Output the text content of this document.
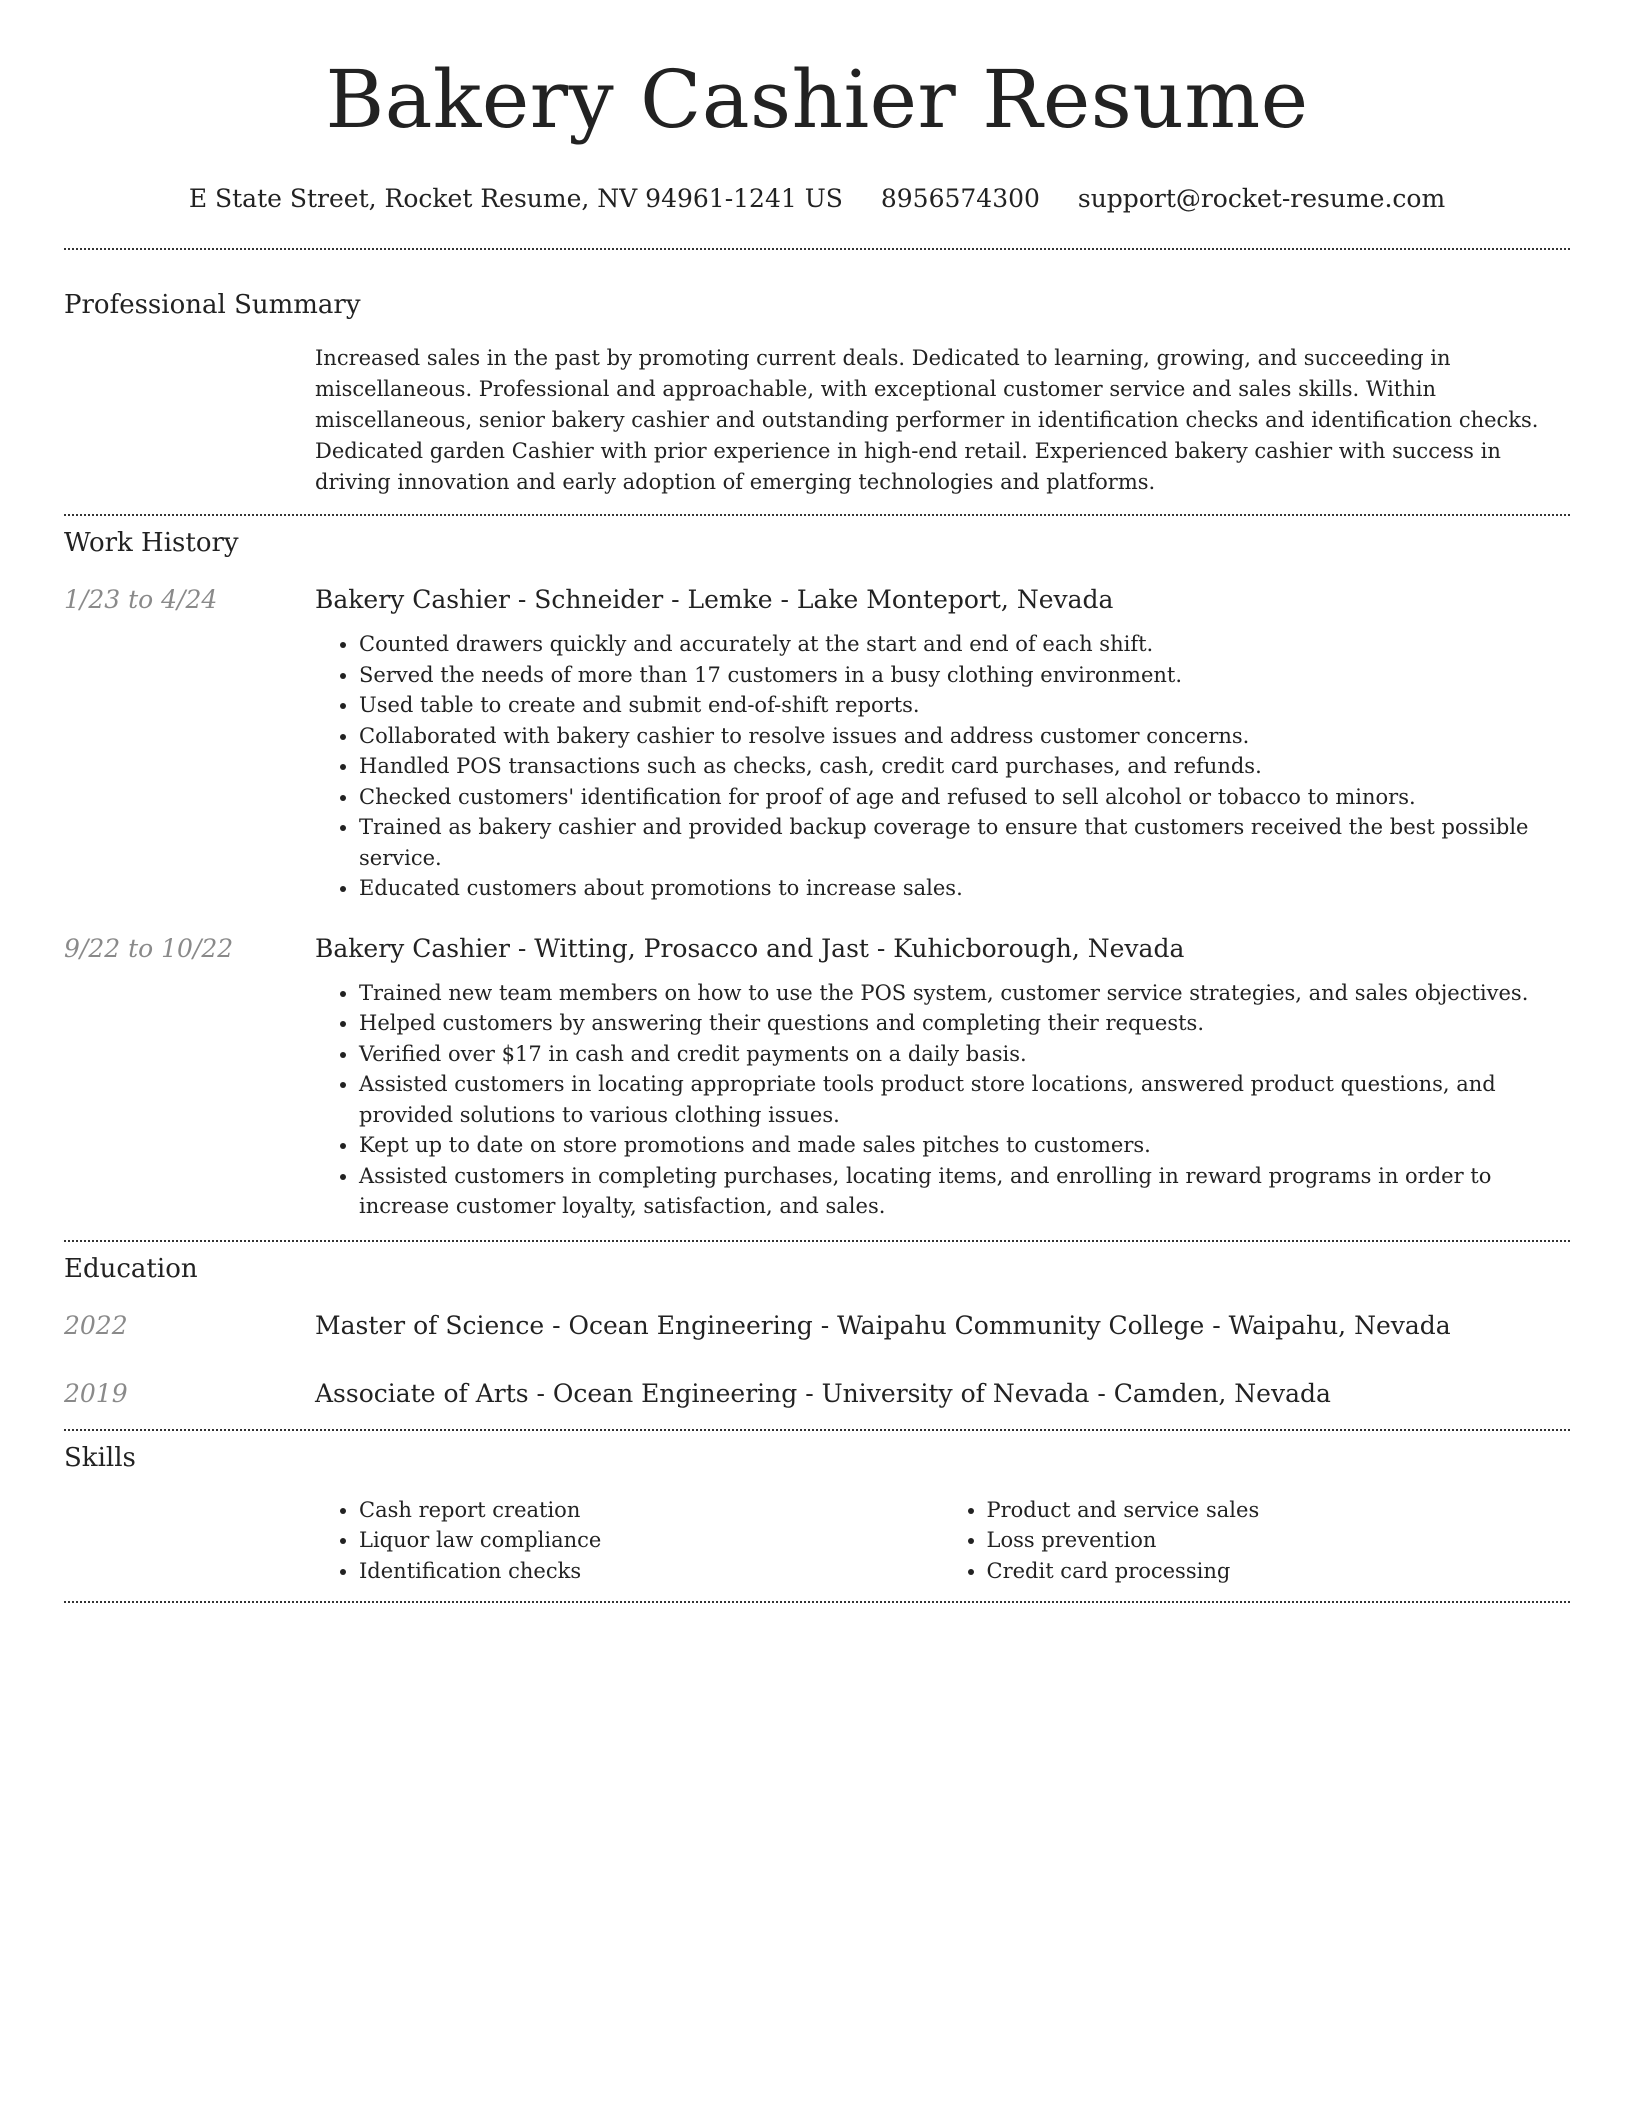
Bakery Cashier Resume
E State Street, Rocket Resume, NV 94961-1241 US 8956574300 support@rocket-resume.com
Professional Summary

Increased sales in the past by promoting current deals. Dedicated to learning, growing, and succeeding in miscellaneous. Professional and approachable, with exceptional customer service and sales skills. Within miscellaneous, senior bakery cashier and outstanding performer in identification checks and identification checks. Dedicated garden Cashier with prior experience in high-end retail. Experienced bakery cashier with success in driving innovation and early adoption of emerging technologies and platforms.

Work History
1/23 to 4/24	Bakery Cashier - Schneider - Lemke - Lake Monteport, Nevada
• Counted drawers quickly and accurately at the start and end of each shift.
• Served the needs of more than 17 customers in a busy clothing environment.
• Used table to create and submit end-of-shift reports.
• Collaborated with bakery cashier to resolve issues and address customer concerns.
• Handled POS transactions such as checks, cash, credit card purchases, and refunds.
• Checked customers' identification for proof of age and refused to sell alcohol or tobacco to minors.
• Trained as bakery cashier and provided backup coverage to ensure that customers received the best possible service.
• Educated customers about promotions to increase sales.
9/22 to 10/22	Bakery Cashier - Witting, Prosacco and Jast - Kuhicborough, Nevada
• Trained new team members on how to use the POS system, customer service strategies, and sales objectives.
• Helped customers by answering their questions and completing their requests.
• Verified over $17 in cash and credit payments on a daily basis.
• Assisted customers in locating appropriate tools product store locations, answered product questions, and provided solutions to various clothing issues.
• Kept up to date on store promotions and made sales pitches to customers.
• Assisted customers in completing purchases, locating items, and enrolling in reward programs in order to increase customer loyalty, satisfaction, and sales.
Education
2022	Master of Science - Ocean Engineering - Waipahu Community College - Waipahu, Nevada
2019	Associate of Arts - Ocean Engineering - University of Nevada - Camden, Nevada
Skills
• Cash report creation
• Liquor law compliance
• Identification checks
• Product and service sales
• Loss prevention
• Credit card processing
